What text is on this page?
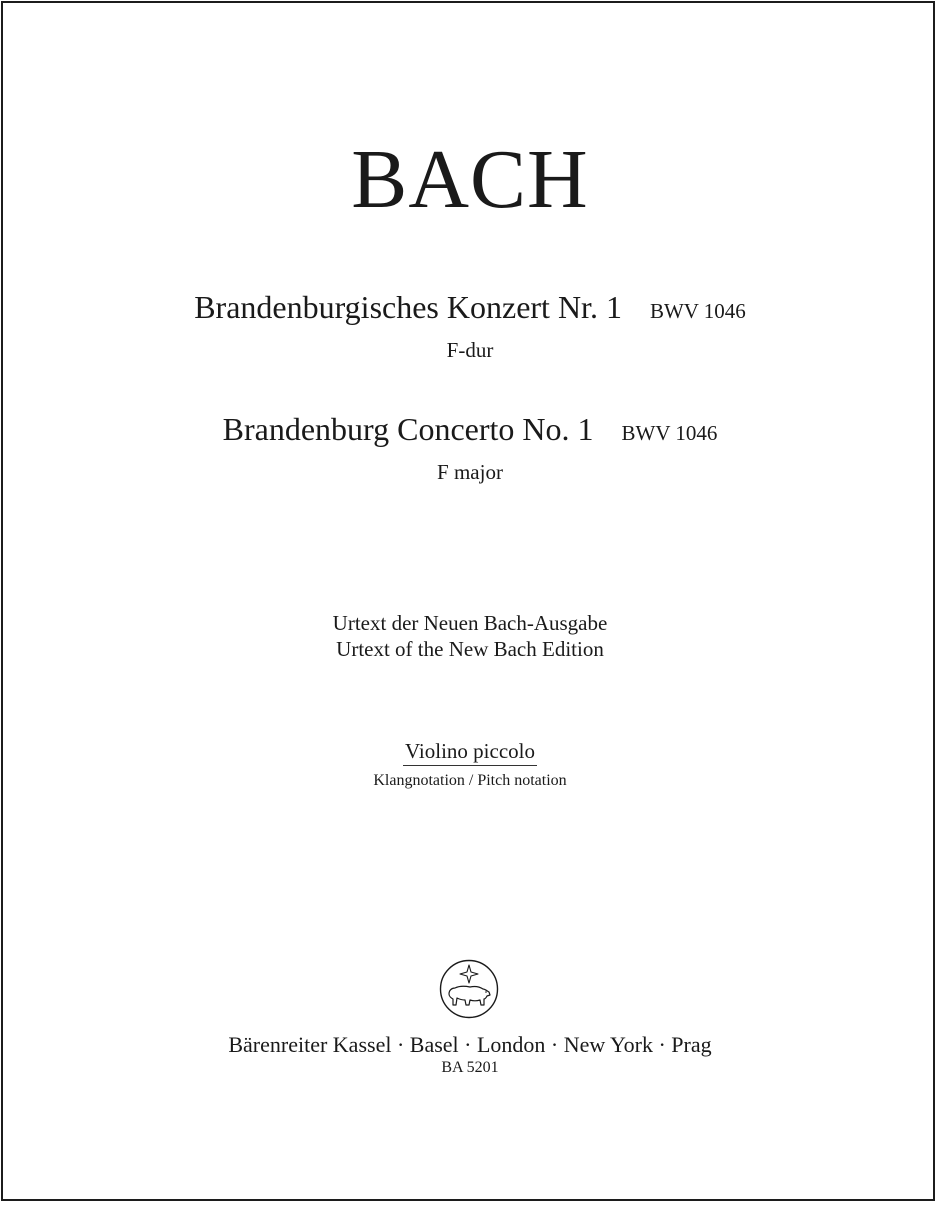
BACH
Brandenburgisches Konzert Nr. 1 BWV 1046
F-dur
Brandenburg Concerto No. 1 BWV 1046
F major
Urtext der Neuen Bach-Ausgabe
Urtext of the New Bach Edition
Violino piccolo
Klangnotation / Pitch notation
Bärenreiter Kassel · Basel · London · New York · Prag
BA 5201
